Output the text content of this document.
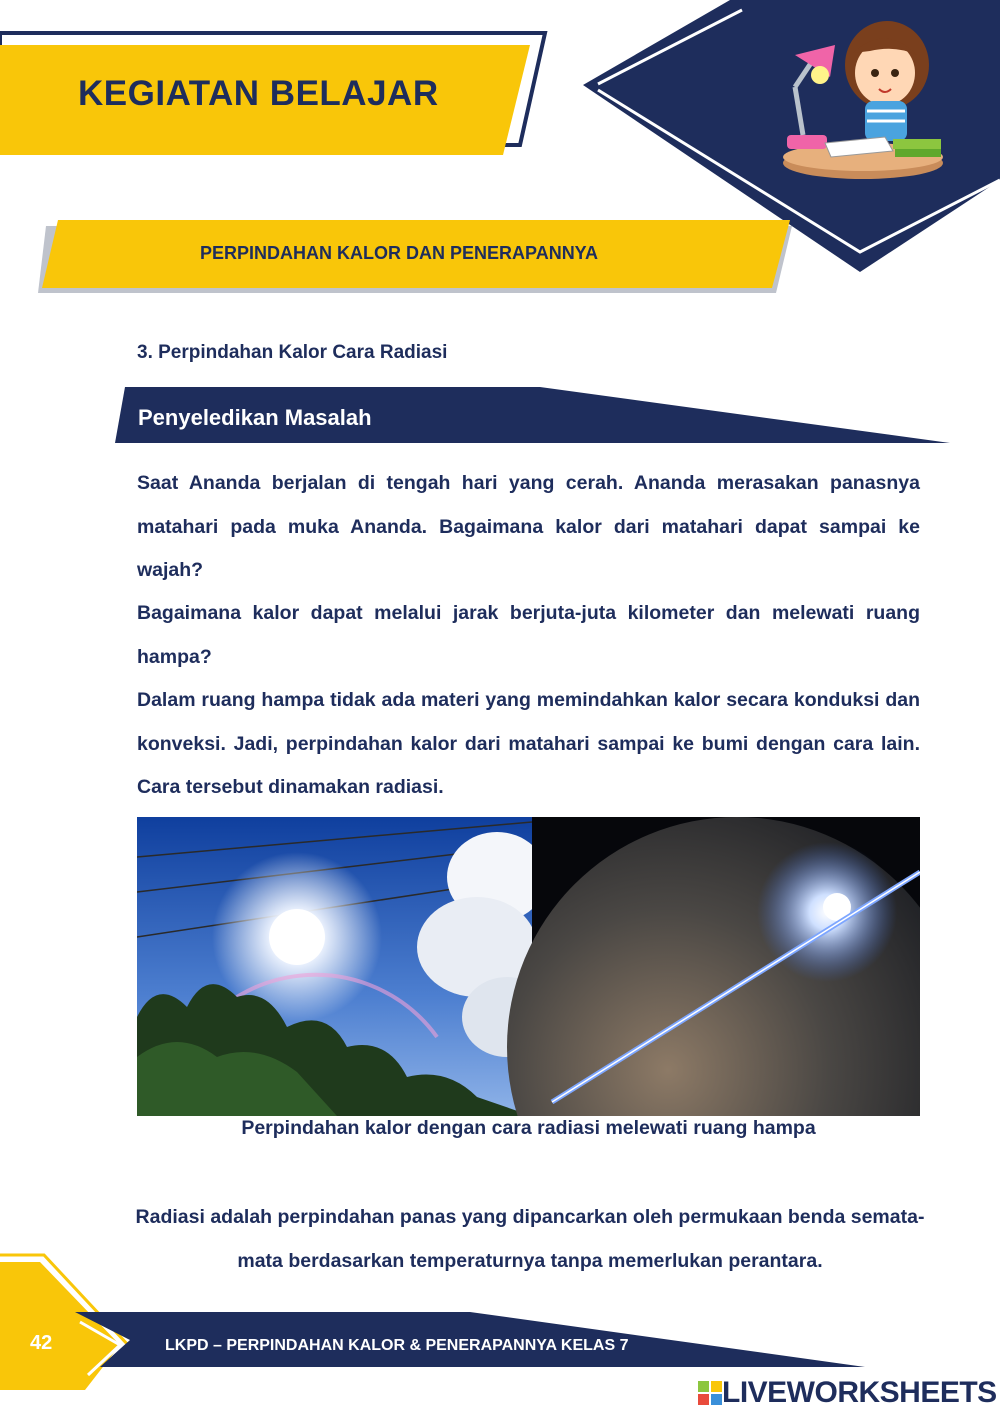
KEGIATAN BELAJAR
PERPINDAHAN KALOR DAN PENERAPANNYA
3. Perpindahan Kalor Cara Radiasi
Penyeledikan Masalah
Saat Ananda berjalan di tengah hari yang cerah. Ananda merasakan panasnya matahari pada muka Ananda. Bagaimana kalor dari matahari dapat sampai ke wajah?
Bagaimana kalor dapat melalui jarak berjuta-juta kilometer dan melewati ruang hampa?
Dalam ruang hampa tidak ada materi yang memindahkan kalor secara konduksi dan konveksi. Jadi, perpindahan kalor dari matahari sampai ke bumi dengan cara lain. Cara tersebut dinamakan radiasi.
Perpindahan kalor dengan cara radiasi melewati ruang hampa
Radiasi adalah perpindahan panas yang dipancarkan oleh permukaan benda semata-mata berdasarkan temperaturnya tanpa memerlukan perantara.
42	LKPD – PERPINDAHAN KALOR & PENERAPANNYA KELAS 7
LIVEWORKSHEETS
